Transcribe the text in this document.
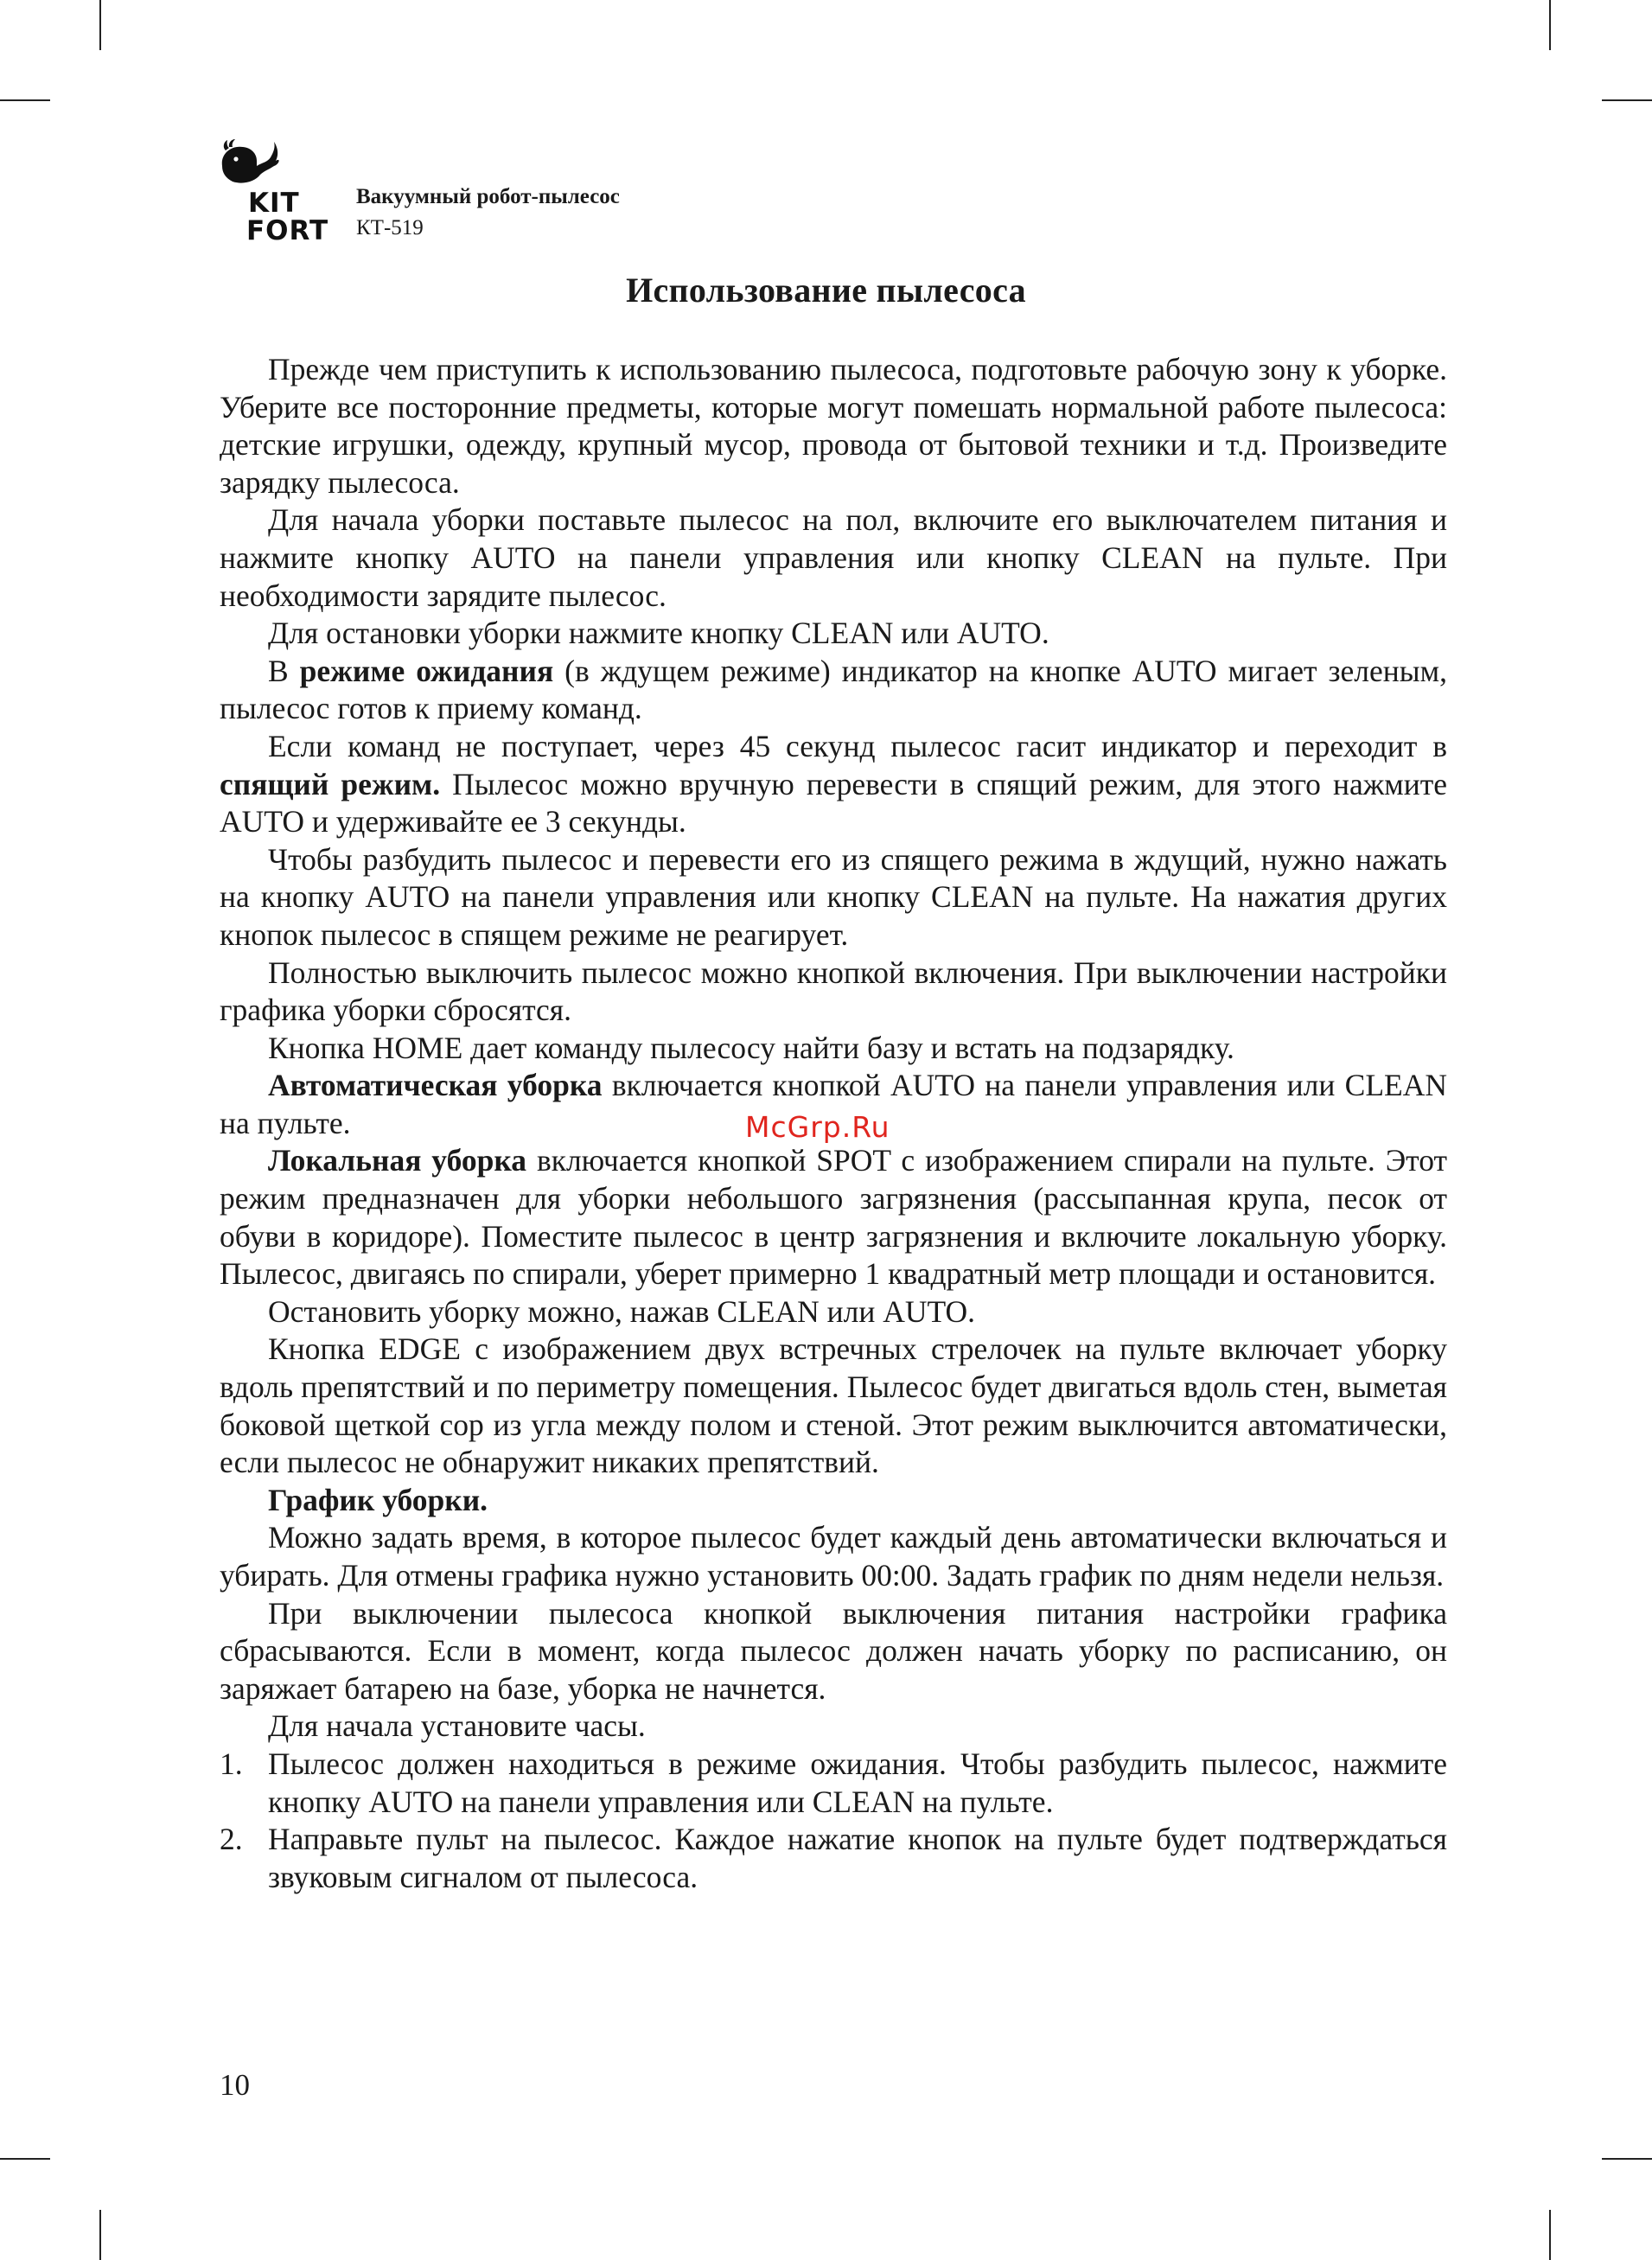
KIT
FORT
Вакуумный робот-пылесос
КТ-519
Использование пылесоса

Прежде чем приступить к использованию пылесоса, подготовьте рабочую зону к уборке. Уберите все посторонние предметы, которые могут помешать нормальной работе пылесоса: детские игрушки, одежду, крупный мусор, провода от бытовой техники и т.д. Произведите зарядку пылесоса.

Для начала уборки поставьте пылесос на пол, включите его выключателем питания и нажмите кнопку AUTO на панели управления или кнопку CLEAN на пульте. При необходимости зарядите пылесос.

Для остановки уборки нажмите кнопку CLEAN или AUTO.

В режиме ожидания (в ждущем режиме) индикатор на кнопке AUTO мигает зеленым, пылесос готов к приему команд.

Если команд не поступает, через 45 секунд пылесос гасит индикатор и переходит в спящий режим. Пылесос можно вручную перевести в спящий режим, для этого нажмите AUTO и удерживайте ее 3 секунды.

Чтобы разбудить пылесос и перевести его из спящего режима в ждущий, нужно нажать на кнопку AUTO на панели управления или кнопку CLEAN на пульте. На нажатия других кнопок пылесос в спящем режиме не реагирует.

Полностью выключить пылесос можно кнопкой включения. При выключении настройки графика уборки сбросятся.

Кнопка HOME дает команду пылесосу найти базу и встать на подзарядку.

Автоматическая уборка включается кнопкой AUTO на панели управления или CLEAN на пульте.

Локальная уборка включается кнопкой SPOT с изображением спирали на пульте. Этот режим предназначен для уборки небольшого загрязнения (рассыпанная крупа, песок от обуви в коридоре). Поместите пылесос в центр загрязнения и включите локальную уборку. Пылесос, двигаясь по спирали, уберет примерно 1 квадратный метр площади и остановится.

Остановить уборку можно, нажав CLEAN или AUTO.

Кнопка EDGE с изображением двух встречных стрелочек на пульте включает уборку вдоль препятствий и по периметру помещения. Пылесос будет двигаться вдоль стен, выметая боковой щеткой сор из угла между полом и стеной. Этот режим выключится автоматически, если пылесос не обнаружит никаких препятствий.

График уборки.

Можно задать время, в которое пылесос будет каждый день автоматически включаться и убирать. Для отмены графика нужно установить 00:00. Задать график по дням недели нельзя.

При выключении пылесоса кнопкой выключения питания настройки графика сбрасываются. Если в момент, когда пылесос должен начать уборку по расписанию, он заряжает батарею на базе, уборка не начнется.

Для начала установите часы.

1. Пылесос должен находиться в режиме ожидания. Чтобы разбудить пылесос, нажмите кнопку AUTO на панели управления или CLEAN на пульте.
2. Направьте пульт на пылесос. Каждое нажатие кнопок на пульте будет подтверждаться звуковым сигналом от пылесоса.
McGrp.Ru
10
